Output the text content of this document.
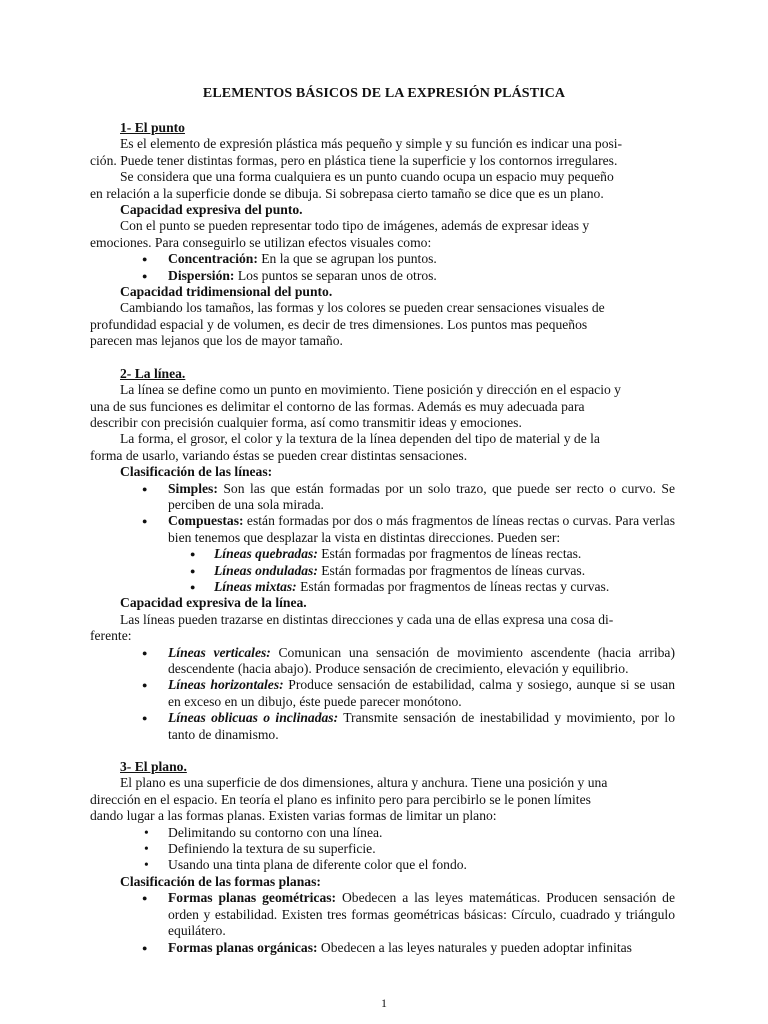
ELEMENTOS BÁSICOS DE LA EXPRESIÓN PLÁSTICA

1- El punto

Es el elemento de expresión plástica más pequeño y simple y su función es indicar una posi-

ción. Puede tener distintas formas, pero en plástica tiene la superficie y los contornos irregulares.

Se considera que una forma cualquiera es un punto cuando ocupa un espacio muy pequeño

en relación a la superficie donde se dibuja. Si sobrepasa cierto tamaño se dice que es un plano.

Capacidad expresiva del punto.

Con el punto se pueden representar todo tipo de imágenes, además de expresar ideas y

emociones. Para conseguirlo se utilizan efectos visuales como:

● Concentración: En la que se agrupan los puntos.
● Dispersión: Los puntos se separan unos de otros.

Capacidad tridimensional del punto.

Cambiando los tamaños, las formas y los colores se pueden crear sensaciones visuales de

profundidad espacial y de volumen, es decir de tres dimensiones. Los puntos mas pequeños

parecen mas lejanos que los de mayor tamaño.

2- La línea.

La línea se define como un punto en movimiento. Tiene posición y dirección en el espacio y

una de sus funciones es delimitar el contorno de las formas. Además es muy adecuada para

describir con precisión cualquier forma, así como transmitir ideas y emociones.

La forma, el grosor, el color y la textura de la línea dependen del tipo de material y de la

forma de usarlo, variando éstas se pueden crear distintas sensaciones.

Clasificación de las líneas:

● Simples: Son las que están formadas por un solo trazo, que puede ser recto o curvo. Se perciben de una sola mirada.
● Compuestas: están formadas por dos o más fragmentos de líneas rectas o curvas. Para verlas bien tenemos que desplazar la vista en distintas direcciones. Pueden ser:
● Líneas quebradas: Están formadas por fragmentos de líneas rectas.
● Líneas onduladas: Están formadas por fragmentos de líneas curvas.
● Líneas mixtas: Están formadas por fragmentos de líneas rectas y curvas.

Capacidad expresiva de la línea.

Las líneas pueden trazarse en distintas direcciones y cada una de ellas expresa una cosa di-

ferente:

● Líneas verticales: Comunican una sensación de movimiento ascendente (hacia arriba) descendente (hacia abajo). Produce sensación de crecimiento, elevación y equilibrio.
● Líneas horizontales: Produce sensación de estabilidad, calma y sosiego, aunque si se usan en exceso en un dibujo, éste puede parecer monótono.
● Líneas oblicuas o inclinadas: Transmite sensación de inestabilidad y movimiento, por lo tanto de dinamismo.

3- El plano.

El plano es una superficie de dos dimensiones, altura y anchura. Tiene una posición y una

dirección en el espacio. En teoría el plano es infinito pero para percibirlo se le ponen límites

dando lugar a las formas planas. Existen varias formas de limitar un plano:

• Delimitando su contorno con una línea.
• Definiendo la textura de su superficie.
• Usando una tinta plana de diferente color que el fondo.

Clasificación de las formas planas:

● Formas planas geométricas: Obedecen a las leyes matemáticas. Producen sensación de orden y estabilidad. Existen tres formas geométricas básicas: Círculo, cuadrado y triángulo equilátero.
● Formas planas orgánicas: Obedecen a las leyes naturales y pueden adoptar infinitas
1
